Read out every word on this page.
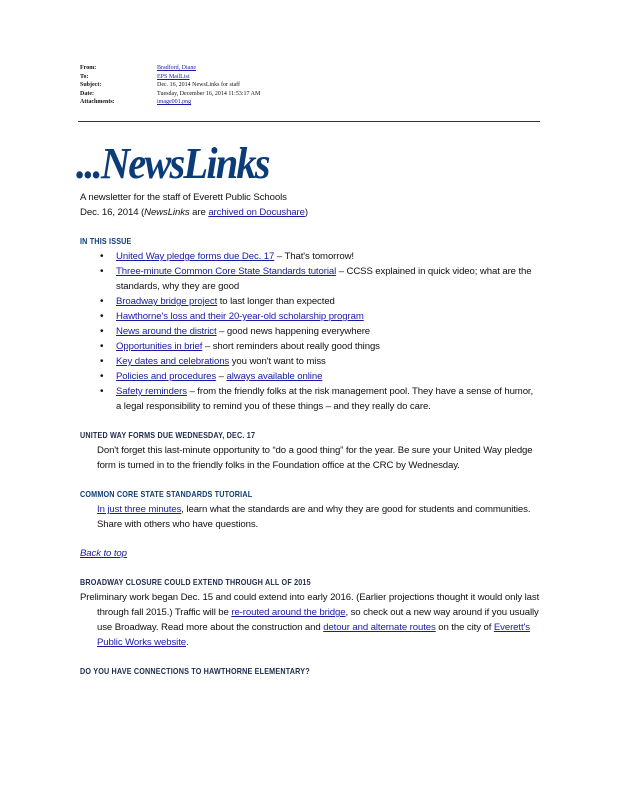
From:	Bradford, Diane
To:	EPS MailList
Subject:	Dec. 16, 2014 NewsLinks for staff
Date:	Tuesday, December 16, 2014 11:53:17 AM
Attachments:	image001.png
...NewsLinks
A newsletter for the staff of Everett Public Schools
Dec. 16, 2014 (NewsLinks are archived on Docushare)
IN THIS ISSUE
• United Way pledge forms due Dec. 17 – That's tomorrow!
• Three-minute Common Core State Standards tutorial – CCSS explained in quick video; what are the standards, why they are good
• Broadway bridge project to last longer than expected
• Hawthorne's loss and their 20-year-old scholarship program
• News around the district – good news happening everywhere
• Opportunities in brief – short reminders about really good things
• Key dates and celebrations you won't want to miss
• Policies and procedures – always available online
• Safety reminders – from the friendly folks at the risk management pool. They have a sense of humor, a legal responsibility to remind you of these things – and they really do care.
UNITED WAY FORMS DUE WEDNESDAY, DEC. 17
Don't forget this last-minute opportunity to “do a good thing” for the year. Be sure your United Way pledge form is turned in to the friendly folks in the Foundation office at the CRC by Wednesday.
COMMON CORE STATE STANDARDS TUTORIAL
In just three minutes, learn what the standards are and why they are good for students and communities. Share with others who have questions.
Back to top
BROADWAY CLOSURE COULD EXTEND THROUGH ALL OF 2015
Preliminary work began Dec. 15 and could extend into early 2016. (Earlier projections thought it would only last through fall 2015.) Traffic will be re-routed around the bridge, so check out a new way around if you usually use Broadway. Read more about the construction and detour and alternate routes on the city of Everett's Public Works website.
DO YOU HAVE CONNECTIONS TO HAWTHORNE ELEMENTARY?
